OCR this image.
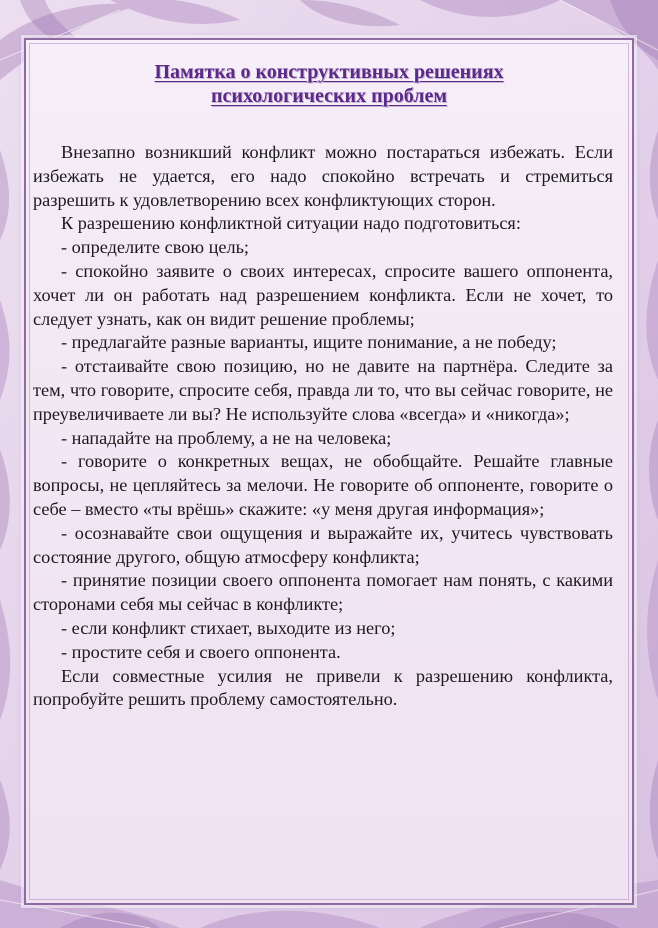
Памятка о конструктивных решениях
психологических проблем

Внезапно возникший конфликт можно постараться избежать. Если избежать не удается, его надо спокойно встречать и стремиться разрешить к удовлетворению всех конфликтующих сторон.

К разрешению конфликтной ситуации надо подготовиться:

- определите свою цель;

- спокойно заявите о своих интересах, спросите вашего оппонента, хочет ли он работать над разрешением конфликта. Если не хочет, то следует узнать, как он видит решение проблемы;

- предлагайте разные варианты, ищите понимание, а не победу;

- отстаивайте свою позицию, но не давите на партнёра. Следите за тем, что говорите, спросите себя, правда ли то, что вы сейчас говорите, не преувеличиваете ли вы? Не используйте слова «всегда» и «никогда»;

- нападайте на проблему, а не на человека;

- говорите о конкретных вещах, не обобщайте. Решайте главные вопросы, не цепляйтесь за мелочи. Не говорите об оппоненте, говорите о себе – вместо «ты врёшь» скажите: «у меня другая информация»;

- осознавайте свои ощущения и выражайте их, учитесь чувствовать состояние другого, общую атмосферу конфликта;

- принятие позиции своего оппонента помогает нам понять, с какими сторонами себя мы сейчас в конфликте;

- если конфликт стихает, выходите из него;

- простите себя и своего оппонента.

Если совместные усилия не привели к разрешению конфликта, попробуйте решить проблему самостоятельно.
